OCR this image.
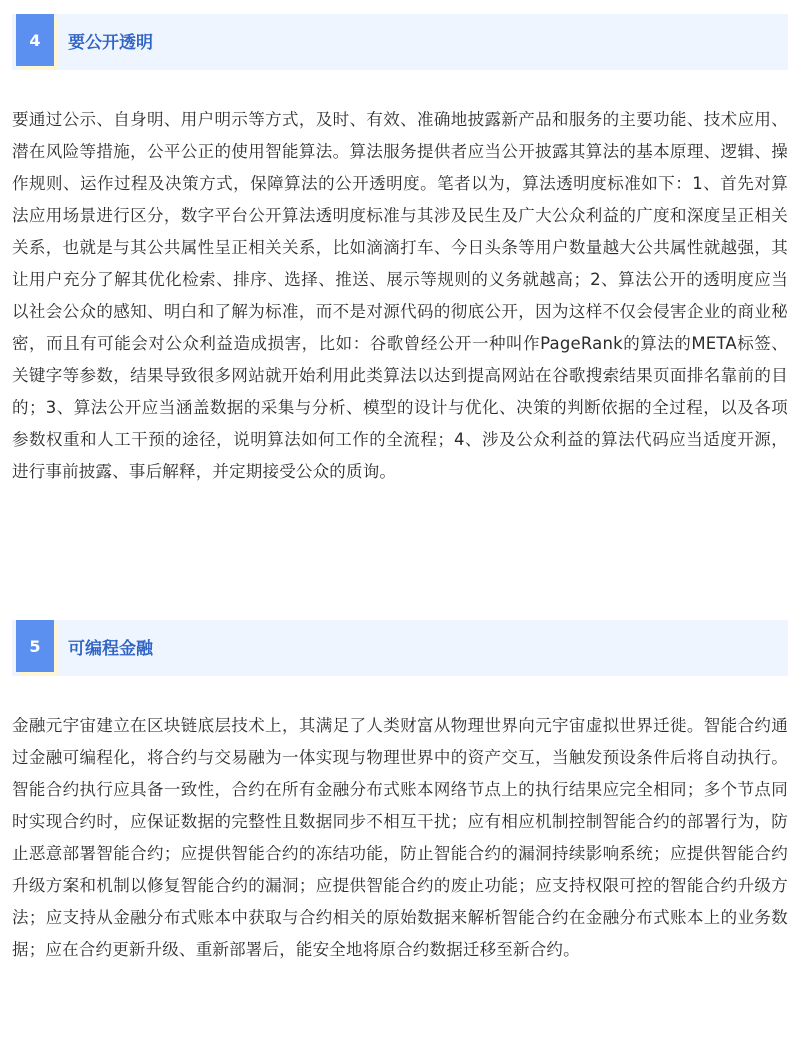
4	要公开透明

要通过公示、自身明、用户明示等方式，及时、有效、准确地披露新产品和服务的主要功能、技术应用、潜在风险等措施，公平公正的使用智能算法。算法服务提供者应当公开披露其算法的基本原理、逻辑、操作规则、运作过程及决策方式，保障算法的公开透明度。笔者以为，算法透明度标准如下：1、首先对算法应用场景进行区分，数字平台公开算法透明度标准与其涉及民生及广大公众利益的广度和深度呈正相关关系，也就是与其公共属性呈正相关关系，比如滴滴打车、今日头条等用户数量越大公共属性就越强，其让用户充分了解其优化检索、排序、选择、推送、展示等规则的义务就越高；2、算法公开的透明度应当以社会公众的感知、明白和了解为标准，而不是对源代码的彻底公开，因为这样不仅会侵害企业的商业秘密，而且有可能会对公众利益造成损害，比如：谷歌曾经公开一种叫作PageRank的算法的META标签、关键字等参数，结果导致很多网站就开始利用此类算法以达到提高网站在谷歌搜索结果页面排名靠前的目的；3、算法公开应当涵盖数据的采集与分析、模型的设计与优化、决策的判断依据的全过程，以及各项参数权重和人工干预的途径，说明算法如何工作的全流程；4、涉及公众利益的算法代码应当适度开源，进行事前披露、事后解释，并定期接受公众的质询。

5	可编程金融

金融元宇宙建立在区块链底层技术上，其满足了人类财富从物理世界向元宇宙虚拟世界迁徙。智能合约通过金融可编程化，将合约与交易融为一体实现与物理世界中的资产交互，当触发预设条件后将自动执行。智能合约执行应具备一致性，合约在所有金融分布式账本网络节点上的执行结果应完全相同；多个节点同时实现合约时，应保证数据的完整性且数据同步不相互干扰；应有相应机制控制智能合约的部署行为，防止恶意部署智能合约；应提供智能合约的冻结功能，防止智能合约的漏洞持续影响系统；应提供智能合约升级方案和机制以修复智能合约的漏洞；应提供智能合约的废止功能；应支持权限可控的智能合约升级方法；应支持从金融分布式账本中获取与合约相关的原始数据来解析智能合约在金融分布式账本上的业务数据；应在合约更新升级、重新部署后，能安全地将原合约数据迁移至新合约。
